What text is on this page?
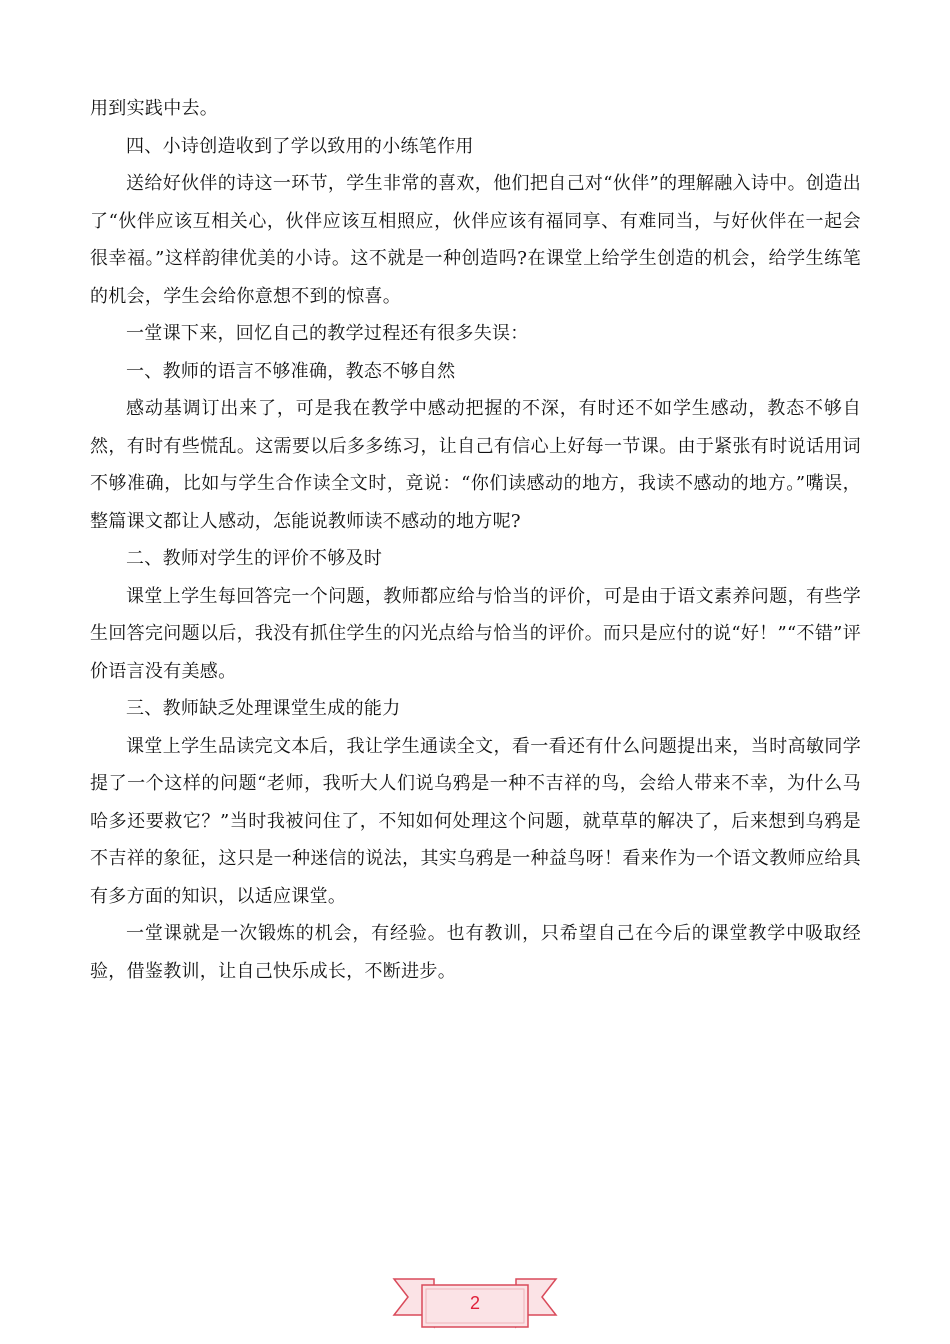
用到实践中去。

四、小诗创造收到了学以致用的小练笔作用

送给好伙伴的诗这一环节，学生非常的喜欢，他们把自己对“伙伴”的理解融入诗中。创造出了“伙伴应该互相关心，伙伴应该互相照应，伙伴应该有福同享、有难同当，与好伙伴在一起会很幸福。”这样韵律优美的小诗。这不就是一种创造吗?在课堂上给学生创造的机会，给学生练笔的机会，学生会给你意想不到的惊喜。

一堂课下来，回忆自己的教学过程还有很多失误：

一、教师的语言不够准确，教态不够自然

感动基调订出来了，可是我在教学中感动把握的不深，有时还不如学生感动，教态不够自然，有时有些慌乱。这需要以后多多练习，让自己有信心上好每一节课。由于紧张有时说话用词不够准确，比如与学生合作读全文时，竟说：“你们读感动的地方，我读不感动的地方。”嘴误，整篇课文都让人感动，怎能说教师读不感动的地方呢?

二、教师对学生的评价不够及时

课堂上学生每回答完一个问题，教师都应给与恰当的评价，可是由于语文素养问题，有些学生回答完问题以后，我没有抓住学生的闪光点给与恰当的评价。而只是应付的说“好！”“不错”评价语言没有美感。

三、教师缺乏处理课堂生成的能力

课堂上学生品读完文本后，我让学生通读全文，看一看还有什么问题提出来，当时高敏同学提了一个这样的问题“老师，我听大人们说乌鸦是一种不吉祥的鸟，会给人带来不幸，为什么马哈多还要救它？”当时我被问住了，不知如何处理这个问题，就草草的解决了，后来想到乌鸦是不吉祥的象征，这只是一种迷信的说法，其实乌鸦是一种益鸟呀！看来作为一个语文教师应给具有多方面的知识，以适应课堂。

一堂课就是一次锻炼的机会，有经验。也有教训，只希望自己在今后的课堂教学中吸取经验，借鉴教训，让自己快乐成长，不断进步。

2
